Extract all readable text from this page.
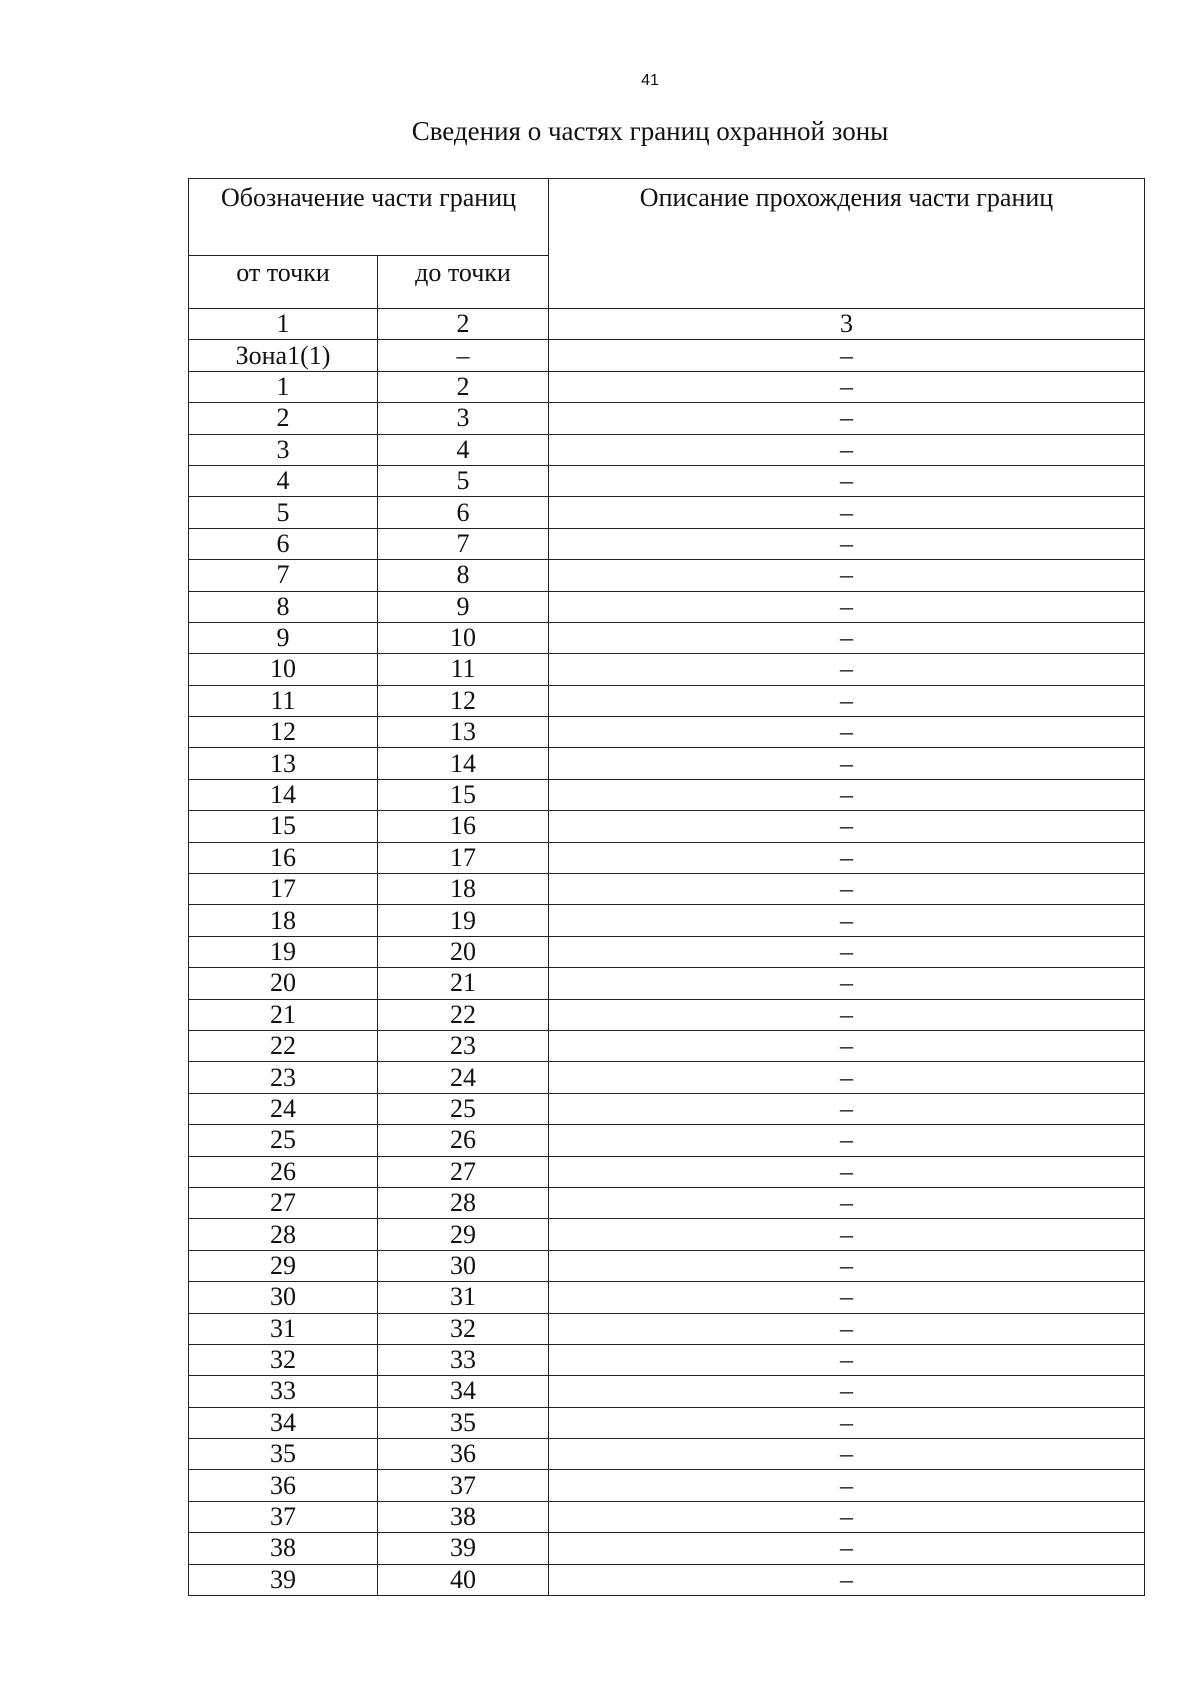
41
Сведения о частях границ охранной зоны
Обозначение части границ		Описание прохождения части границ
от точки	до точки	
1	2	3
Зона1(1)	–	–
1	2	–
2	3	–
3	4	–
4	5	–
5	6	–
6	7	–
7	8	–
8	9	–
9	10	–
10	11	–
11	12	–
12	13	–
13	14	–
14	15	–
15	16	–
16	17	–
17	18	–
18	19	–
19	20	–
20	21	–
21	22	–
22	23	–
23	24	–
24	25	–
25	26	–
26	27	–
27	28	–
28	29	–
29	30	–
30	31	–
31	32	–
32	33	–
33	34	–
34	35	–
35	36	–
36	37	–
37	38	–
38	39	–
39	40	–
